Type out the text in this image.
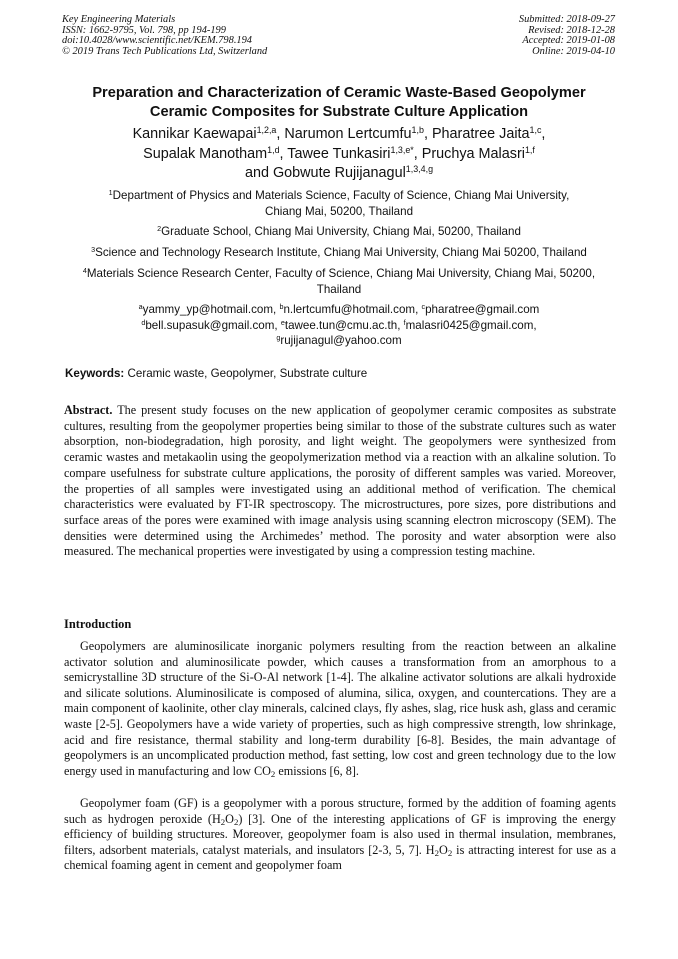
Key Engineering Materials
ISSN: 1662-9795, Vol. 798, pp 194-199
doi:10.4028/www.scientific.net/KEM.798.194
© 2019 Trans Tech Publications Ltd, Switzerland
Submitted: 2018-09-27
Revised: 2018-12-28
Accepted: 2019-01-08
Online: 2019-04-10
Preparation and Characterization of Ceramic Waste-Based Geopolymer
Ceramic Composites for Substrate Culture Application
Kannikar Kaewapai$^{1,2,a}$, Narumon Lertcumfu$^{1,b}$, Pharatree Jaita$^{1,c}$,
Supalak Manotham$^{1,d}$, Tawee Tunkasiri$^{1,3,e*}$, Pruchya Malasri$^{1,f}$
and Gobwute Rujijanagul$^{1,3,4,g}$
$^1$Department of Physics and Materials Science, Faculty of Science, Chiang Mai University,
Chiang Mai, 50200, Thailand
$^2$Graduate School, Chiang Mai University, Chiang Mai, 50200, Thailand
$^3$Science and Technology Research Institute, Chiang Mai University, Chiang Mai 50200, Thailand
$^4$Materials Science Research Center, Faculty of Science, Chiang Mai University, Chiang Mai, 50200,
Thailand
$^a$yammy_yp@hotmail.com, $^b$n.lertcumfu@hotmail.com, $^c$pharatree@gmail.com
$^d$bell.supasuk@gmail.com, $^e$tawee.tun@cmu.ac.th, $^f$malasri0425@gmail.com,
$^g$rujijanagul@yahoo.com
Keywords: Ceramic waste, Geopolymer, Substrate culture

Abstract. The present study focuses on the new application of geopolymer ceramic composites as substrate cultures, resulting from the geopolymer properties being similar to those of the substrate cultures such as water absorption, non-biodegradation, high porosity, and light weight. The geopolymers were synthesized from ceramic wastes and metakaolin using the geopolymerization method via a reaction with an alkaline solution. To compare usefulness for substrate culture applications, the porosity of different samples was varied. Moreover, the properties of all samples were investigated using an additional method of verification. The chemical characteristics were evaluated by FT-IR spectroscopy. The microstructures, pore sizes, pore distributions and surface areas of the pores were examined with image analysis using scanning electron microscopy (SEM). The densities were determined using the Archimedes’ method. The porosity and water absorption were also measured. The mechanical properties were investigated by using a compression testing machine.

Introduction

Geopolymers are aluminosilicate inorganic polymers resulting from the reaction between an alkaline activator solution and aluminosilicate powder, which causes a transformation from an amorphous to a semicrystalline 3D structure of the Si-O-Al network [1-4]. The alkaline activator solutions are alkali hydroxide and silicate solutions. Aluminosilicate is composed of alumina, silica, oxygen, and countercations. They are a main component of kaolinite, other clay minerals, calcined clays, fly ashes, slag, rice husk ash, glass and ceramic waste [2-5]. Geopolymers have a wide variety of properties, such as high compressive strength, low shrinkage, acid and fire resistance, thermal stability and long-term durability [6-8]. Besides, the main advantage of geopolymers is an uncomplicated production method, fast setting, low cost and green technology due to the low energy used in manufacturing and low $CO_2$ emissions [6, 8].

Geopolymer foam (GF) is a geopolymer with a porous structure, formed by the addition of foaming agents such as hydrogen peroxide $(H_2O_2)$ [3]. One of the interesting applications of GF is improving the energy efficiency of building structures. Moreover, geopolymer foam is also used in thermal insulation, membranes, filters, adsorbent materials, catalyst materials, and insulators [2-3, 5, 7]. $H_2O_2$ is attracting interest for use as a chemical foaming agent in cement and geopolymer foam
